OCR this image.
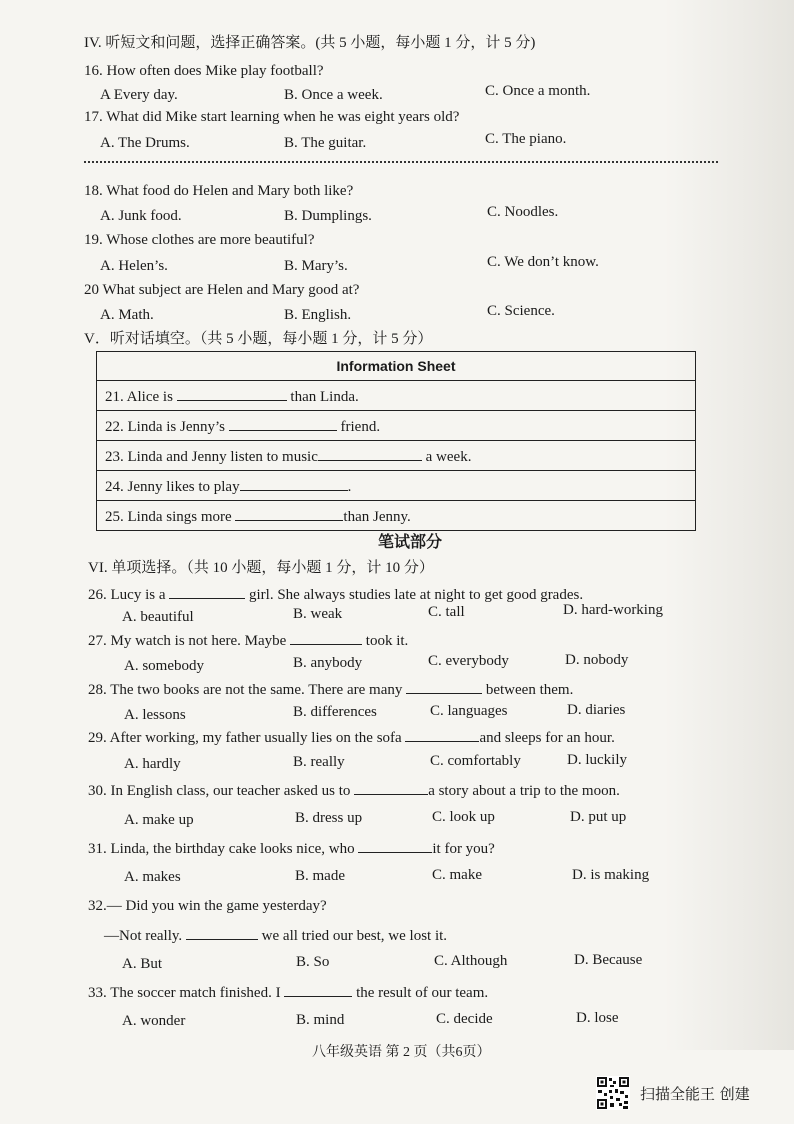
IV. 听短文和问题，选择正确答案。(共 5 小题，每小题 1 分，计 5 分)
16. How often does Mike play football?
A Every day.	B. Once a week.	C. Once a month.
17. What did Mike start learning when he was eight years old?
A. The Drums.	B. The guitar.	C. The piano.
18. What food do Helen and Mary both like?
A. Junk food.	B. Dumplings.	C. Noodles.
19. Whose clothes are more beautiful?
A. Helen’s.	B. Mary’s.	C. We don’t know.
20 What subject are Helen and Mary good at?
A. Math.	B. English.	C. Science.
V．听对话填空。（共 5 小题，每小题 1 分，计 5 分）
Information Sheet
21. Alice is	than Linda.
22. Linda is Jenny’s	friend.
23. Linda and Jenny listen to music	a week.
24. Jenny likes to play	.
25. Linda sings more	than Jenny.
笔试部分
VI. 单项选择。（共 10 小题，每小题 1 分，计 10 分）
26. Lucy is a	girl. She always studies late at night to get good grades.
A. beautiful	B. weak	C. tall	D. hard-working
27. My watch is not here. Maybe	took it.
A. somebody	B. anybody	C. everybody	D. nobody
28. The two books are not the same. There are many	between them.
A. lessons	B. differences	C. languages	D. diaries
29. After working, my father usually lies on the sofa	and sleeps for an hour.
A. hardly	B. really	C. comfortably	D. luckily
30. In English class, our teacher asked us to	a story about a trip to the moon.
A. make up	B. dress up	C. look up	D. put up
31. Linda, the birthday cake looks nice, who	it for you?
A. makes	B. made	C. make	D. is making
32.— Did you win the game yesterday?
—Not really.	we all tried our best, we lost it.
A. But	B. So	C. Although	D. Because
33. The soccer match finished. I	the result of our team.
A. wonder	B. mind	C. decide	D. lose
八年级英语 第 2 页（共6页）
扫描全能王 创建
